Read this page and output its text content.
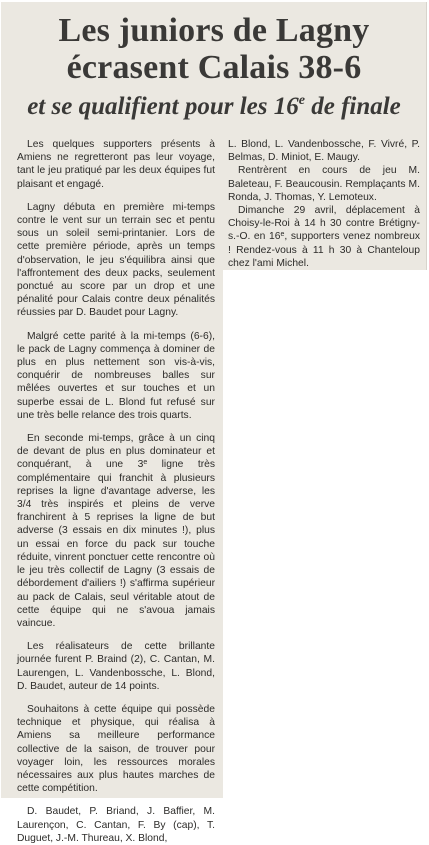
Les juniors de Lagny
écrasent Calais 38-6
et se qualifient pour les 16e de finale

Les quelques supporters présents à Amiens ne regretteront pas leur voyage, tant le jeu pratiqué par les deux équipes fut plaisant et engagé.

Lagny débuta en première mi-temps contre le vent sur un terrain sec et pentu sous un soleil semi-printanier. Lors de cette première période, après un temps d'observation, le jeu s'équilibra ainsi que l'affrontement des deux packs, seulement ponctué au score par un drop et une pénalité pour Calais contre deux pénalités réussies par D. Baudet pour Lagny.

Malgré cette parité à la mi-temps (6-6), le pack de Lagny commença à dominer de plus en plus nettement son vis-à-vis, conquérir de nombreuses balles sur mêlées ouvertes et sur touches et un superbe essai de L. Blond fut refusé sur une très belle relance des trois quarts.

En seconde mi-temps, grâce à un cinq de devant de plus en plus dominateur et conquérant, à une 3e ligne très complémentaire qui franchit à plusieurs reprises la ligne d'avantage adverse, les 3/4 très inspirés et pleins de verve franchirent à 5 reprises la ligne de but adverse (3 essais en dix minutes !), plus un essai en force du pack sur touche réduite, vinrent ponctuer cette rencontre où le jeu très collectif de Lagny (3 essais de débordement d'ailiers !) s'affirma supérieur au pack de Calais, seul véritable atout de cette équipe qui ne s'avoua jamais vaincue.

Les réalisateurs de cette brillante journée furent P. Braind (2), C. Cantan, M. Laurengen, L. Vandenbossche, L. Blond, D. Baudet, auteur de 14 points.

Souhaitons à cette équipe qui possède technique et physique, qui réalisa à Amiens sa meilleure performance collective de la saison, de trouver pour voyager loin, les ressources morales nécessaires aux plus hautes marches de cette compétition.

D. Baudet, P. Briand, J. Baffier, M. Laurençon, C. Cantan, F. By (cap), T. Duguet, J.-M. Thureau, X. Blond,

L. Blond, L. Vandenbossche, F. Vivré, P. Belmas, D. Miniot, E. Maugy.

Rentrèrent en cours de jeu M. Baleteau, F. Beaucousin. Remplaçants M. Ronda, J. Thomas, Y. Lemoteux.

Dimanche 29 avril, déplacement à Choisy-le-Roi à 14 h 30 contre Brétigny-s.-O. en 16e, supporters venez nombreux ! Rendez-vous à 11 h 30 à Chanteloup chez l'ami Michel.
